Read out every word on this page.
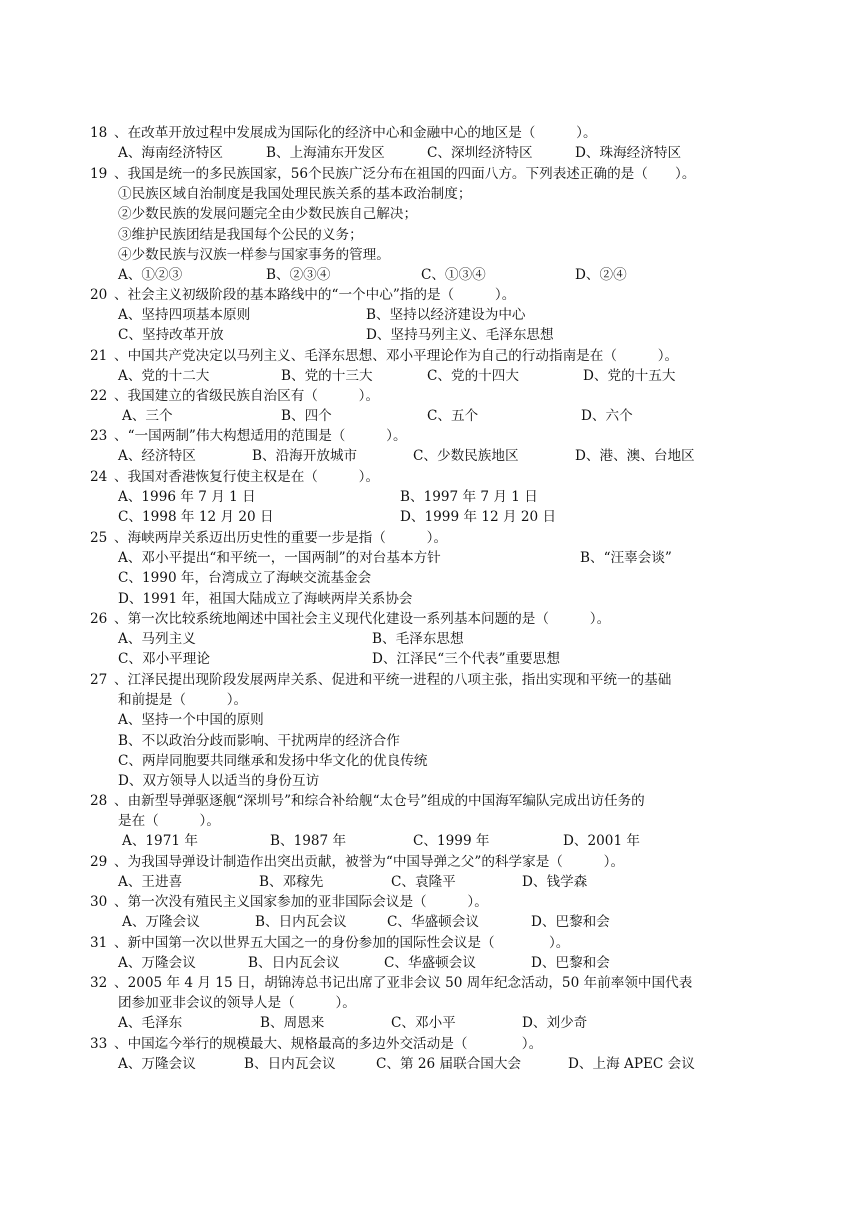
18 、在改革开放过程中发展成为国际化的经济中心和金融中心的地区是（　　　）。
A、海南经济特区	B、上海浦东开发区	C、深圳经济特区	D、珠海经济特区
19 、我国是统一的多民族国家，56个民族广泛分布在祖国的四面八方。下列表述正确的是（　　）。
①民族区域自治制度是我国处理民族关系的基本政治制度；
②少数民族的发展问题完全由少数民族自己解决；
③维护民族团结是我国每个公民的义务；
④少数民族与汉族一样参与国家事务的管理。
A、①②③	B、②③④	C、①③④	D、②④
20 、社会主义初级阶段的基本路线中的“一个中心”指的是（　　　）。
A、坚持四项基本原则	B、坚持以经济建设为中心
C、坚持改革开放	D、坚持马列主义、毛泽东思想
21 、中国共产党决定以马列主义、毛泽东思想、邓小平理论作为自己的行动指南是在（　　　）。
A、党的十二大	B、党的十三大	C、党的十四大	D、党的十五大
22 、我国建立的省级民族自治区有（　　　）。
A、三个	B、四个	C、五个	D、六个
23 、“一国两制”伟大构想适用的范围是（　　　）。
A、经济特区	B、沿海开放城市	C、少数民族地区	D、港、澳、台地区
24 、我国对香港恢复行使主权是在（　　　）。
A、1996 年 7 月 1 日	B、1997 年 7 月 1 日
C、1998 年 12 月 20 日	D、1999 年 12 月 20 日
25 、海峡两岸关系迈出历史性的重要一步是指（　　　）。
A、邓小平提出“和平统一，一国两制”的对台基本方针	B、“汪辜会谈”
C、1990 年，台湾成立了海峡交流基金会
D、1991 年，祖国大陆成立了海峡两岸关系协会
26 、第一次比较系统地阐述中国社会主义现代化建设一系列基本问题的是（　　　）。
A、马列主义	B、毛泽东思想
C、邓小平理论	D、江泽民“三个代表”重要思想
27 、江泽民提出现阶段发展两岸关系、促进和平统一进程的八项主张，指出实现和平统一的基础
和前提是（　　　）。
A、坚持一个中国的原则
B、不以政治分歧而影响、干扰两岸的经济合作
C、两岸同胞要共同继承和发扬中华文化的优良传统
D、双方领导人以适当的身份互访
28 、由新型导弹驱逐舰“深圳号”和综合补给舰“太仓号”组成的中国海军编队完成出访任务的
是在（　　　）。
A、1971 年	B、1987 年	C、1999 年	D、2001 年
29 、为我国导弹设计制造作出突出贡献，被誉为“中国导弹之父”的科学家是（　　　）。
A、王进喜	B、邓稼先	C、袁隆平	D、钱学森
30 、第一次没有殖民主义国家参加的亚非国际会议是（　　　）。
A、万隆会议	B、日内瓦会议	C、华盛顿会议	D、巴黎和会
31 、新中国第一次以世界五大国之一的身份参加的国际性会议是（　　　　）。
A、万隆会议	B、日内瓦会议	C、华盛顿会议	D、巴黎和会
32 、2005 年 4 月 15 日，胡锦涛总书记出席了亚非会议 50 周年纪念活动，50 年前率领中国代表
团参加亚非会议的领导人是（　　　）。
A、毛泽东	B、周恩来	C、邓小平	D、刘少奇
33 、中国迄今举行的规模最大、规格最高的多边外交活动是（　　　　）。
A、万隆会议	B、日内瓦会议	C、第 26 届联合国大会	D、上海 APEC 会议
